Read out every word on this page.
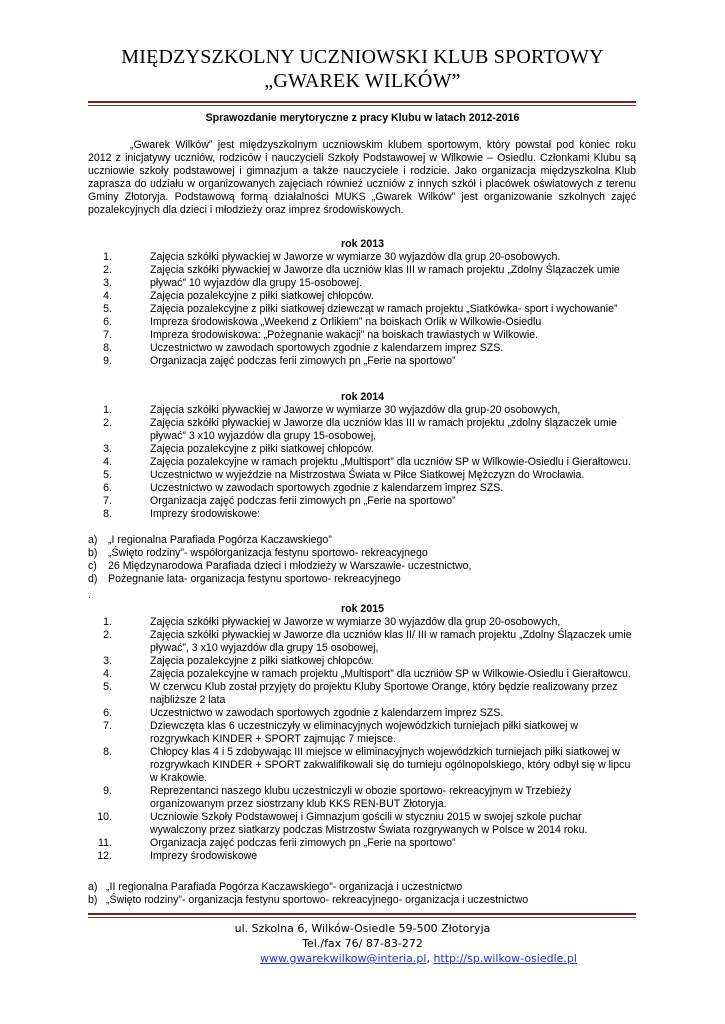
MIĘDZYSZKOLNY UCZNIOWSKI KLUB SPORTOWY
„GWAREK WILKÓW”
Sprawozdanie merytoryczne z pracy Klubu w latach 2012-2016
„Gwarek Wilków” jest międzyszkolnym uczniowskim klubem sportowym, który powstał pod koniec roku 2012 z inicjatywy uczniów, rodziców i nauczycieli Szkoły Podstawowej w Wilkowie – Osiedlu. Członkami Klubu są uczniowie szkoły podstawowej i gimnazjum a także nauczyciele i rodzicie. Jako organizacja międzyszkolna Klub zaprasza do udziału w organizowanych zajęciach również uczniów z innych szkół i placówek oświatowych z terenu Gminy Złotoryja. Podstawową formą działalności MUKS „Gwarek Wilków” jest organizowanie szkolnych zajęć pozalekcyjnych dla dzieci i młodzieży oraz imprez środowiskowych.
rok 2013
1.	Zajęcia szkółki pływackiej w Jaworze w wymiarze 30 wyjazdów dla grup 20-osobowych.
2.	Zajęcia szkółki pływackiej w Jaworze dla uczniów klas III w ramach projektu „Zdolny Ślązaczek umie
3.	pływać” 10 wyjazdów dla grupy 15-osobowej.
4.	Zajęcia pozalekcyjne z piłki siatkowej chłopców.
5.	Zajęcia pozalekcyjne z piłki siatkowej dziewcząt w ramach projektu „Siatkówka- sport i wychowanie”
6.	Impreza środowiskowa „Weekend z Orlikiem” na boiskach Orlik w Wilkowie-Osiedlu
7.	Impreza środowiskowa: „Pożegnanie wakacji” na boiskach trawiastych w Wilkowie.
8.	Uczestnictwo w zawodach sportowych zgodnie z kalendarzem imprez SZS.
9.	Organizacja zajęć podczas ferii zimowych pn „Ferie na sportowo”
rok 2014
1.	Zajęcia szkółki pływackiej w Jaworze w wymiarze 30 wyjazdów dla grup-20 osobowych,
2.	Zajęcia szkółki pływackiej w Jaworze dla uczniów klas III w ramach projektu „zdolny ślązaczek umie pływać” 3 x10 wyjazdów dla grupy 15-osobowej,
3.	Zajęcia pozalekcyjne z piłki siatkowej chłopców.
4.	Zajęcia pozalekcyjne w ramach projektu „Multisport” dla uczniów SP w Wilkowie-Osiedlu i Gierałtowcu.
5.	Uczestnictwo w wyjeździe na Mistrzostwa Świata w Piłce Siatkowej Mężczyzn do Wrocławia.
6.	Uczestnictwo w zawodach sportowych zgodnie z kalendarzem imprez SZS.
7.	Organizacja zajęć podczas ferii zimowych pn „Ferie na sportowo”
8.	Imprezy środowiskowe:
a) „I regionalna Parafiada Pogórza Kaczawskiego”
b) „Święto rodziny”- współorganizacja festynu sportowo- rekreacyjnego
c) 26 Międzynarodowa Parafiada dzieci i młodzieży w Warszawie- uczestnictwo,
d) Pożegnanie lata- organizacja festynu sportowo- rekreacyjnego
.
rok 2015
1.	Zajęcia szkółki pływackiej w Jaworze w wymiarze 30 wyjazdów dla grup 20-osobowych,
2.	Zajęcia szkółki pływackiej w Jaworze dla uczniów klas II/ III w ramach projektu „Zdolny Ślązaczek umie pływać”, 3 x10 wyjazdów dla grupy 15 osobowej,
3.	Zajęcia pozalekcyjne z piłki siatkowej chłopców.
4.	Zajęcia pozalekcyjne w ramach projektu „Multisport” dla uczniów SP w Wilkowie-Osiedlu i Gierałtowcu.
5.	W czerwcu Klub został przyjęty do projektu Kluby Sportowe Orange, który będzie realizowany przez najbliższe 2 lata
6.	Uczestnictwo w zawodach sportowych zgodnie z kalendarzem imprez SZS.
7.	Dziewczęta klas 6 uczestniczyły w eliminacyjnych wojewódzkich turniejach piłki siatkowej w rozgrywkach KINDER + SPORT zajmując 7 miejsce.
8.	Chłopcy klas 4 i 5 zdobywając III miejsce w eliminacyjnych wojewódzkich turniejach piłki siatkowej w rozgrywkach KINDER + SPORT zakwalifikowali się do turnieju ogólnopolskiego, który odbył się w lipcu w Krakowie.
9.	Reprezentanci naszego klubu uczestniczyli w obozie sportowo- rekreacyjnym w Trzebieży organizowanym przez siostrzany klub KKS REN-BUT Złotoryja.
10.	Uczniowie Szkoły Podstawowej i Gimnazjum gościli w styczniu 2015 w swojej szkole puchar wywalczony przez siatkarzy podczas Mistrzostw Świata rozgrywanych w Polsce w 2014 roku.
11.	Organizacja zajęć podczas ferii zimowych pn „Ferie na sportowo”
12.	Imprezy środowiskowe
a) „II regionalna Parafiada Pogórza Kaczawskiego”- organizacja i uczestnictwo
b) „Święto rodziny”- organizacja festynu sportowo- rekreacyjnego- organizacja i uczestnictwo
ul. Szkolna 6, Wilków-Osiedle 59-500 Złotoryja
Tel./fax 76/ 87-83-272
www.gwarekwilkow@interia.pl, http://sp.wilkow-osiedle.pl
